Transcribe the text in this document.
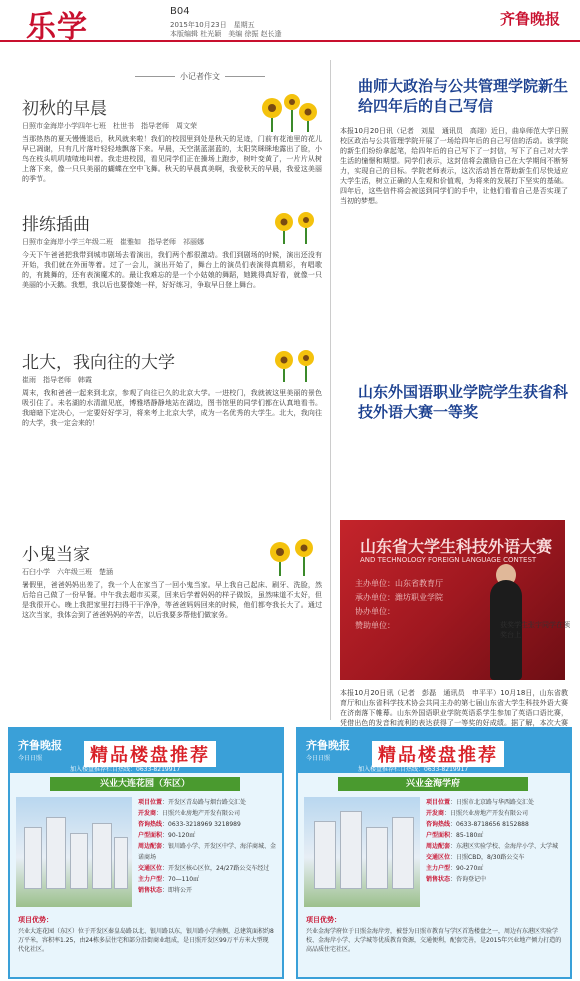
乐学	B04
2015年10月23日　星期五
本版编辑 杜光颖　美编 徐振 赵长逢
齐鲁晚报
小记者作文
初秋的早晨
日照市金海岸小学四年七班　杜世书　指导老师　周文荣
当那热热的夏天慢慢退后，秋风就来啦！我们的校园里到处是秋天的足迹，门前有花池里的花儿早已凋谢，只有几片落叶轻轻地飘落下来。早晨，天空湛蓝湛蓝的，太阳笑眯眯地露出了脸，小鸟在枝头叽叽喳喳地叫着。我走进校园，看见同学们正在操场上跑步，树叶变黄了，一片片从树上落下来，像一只只美丽的蝴蝶在空中飞舞。秋天的早晨真美啊，我爱秋天的早晨，我爱这美丽的季节。
排练插曲
日照市金海岸小学三年级二班　崔雅如　指导老师　祁丽娜
今天下午爸爸把我带到城市剧场去看演出，我们两个都很激动。我们到剧场的时候，演出还没有开始，我们就在外面等着。过了一会儿，演出开始了，舞台上的演员们表演得真精彩，有唱歌的，有跳舞的，还有表演魔术的。最让我难忘的是一个小姑娘的舞蹈，她跳得真好看，就像一只美丽的小天鹅。我想，我以后也要像她一样，好好练习，争取早日登上舞台。
北大，我向往的大学
崔雨　指导老师　韩霞
周末，我和爸爸一起来到北京，参观了向往已久的北京大学。一进校门，我就被这里美丽的景色吸引住了。未名湖的水清澈见底，博雅塔静静地站在湖边，图书馆里的同学们都在认真地看书。我暗暗下定决心，一定要好好学习，将来考上北京大学，成为一名优秀的大学生。北大，我向往的大学，我一定会来的！
小鬼当家
石臼小学　六年级三班　楚涵
暑假里，爸爸妈妈出差了，我一个人在家当了一回小鬼当家。早上我自己起床、刷牙、洗脸，然后给自己做了一份早餐。中午我去超市买菜，回来后学着妈妈的样子做饭，虽然味道不太好，但是我很开心。晚上我把家里打扫得干干净净，等爸爸妈妈回来的时候，他们都夸我长大了。通过这次当家，我体会到了爸爸妈妈的辛苦，以后我要多帮他们做家务。
曲师大政治与公共管理学院新生给四年后的自己写信
本报10月20日讯（记者　刘星　通讯员　高翊）近日，曲阜师范大学日照校区政治与公共管理学院开展了一场给四年后的自己写信的活动。该学院的新生们纷纷拿起笔，给四年后的自己写下了一封信，写下了自己对大学生活的憧憬和期望。同学们表示，这封信将会激励自己在大学期间不断努力，实现自己的目标。学院老师表示，这次活动旨在帮助新生们尽快适应大学生活，树立正确的人生观和价值观，为将来的发展打下坚实的基础。四年后，这些信件将会被送到同学们的手中，让他们看看自己是否实现了当初的梦想。
山东外国语职业学院学生获省科技外语大赛一等奖
山东省大学生科技外语大赛
AND TECHNOLOGY FOREIGN LANGUAGE CONTEST
主办单位：山东省教育厅
承办单位：潍坊职业学院
协办单位：
赞助单位：	获奖学生张宇同学在领奖台上
本报10月20日讯（记者　彭磊　通讯员　申平平）10月18日，山东省教育厅和山东省科学技术协会共同主办的第七届山东省大学生科技外语大赛在济南落下帷幕。山东外国语职业学院英语系学生参加了英语口语比赛，凭借出色的发音和流利的表达获得了一等奖的好成绩。据了解，本次大赛
齐鲁晚报
今日日照	精品楼盘推荐
加入楼盘推荐栏目热线：0633-8219917
兴业大连花园（东区）
项目位置：开发区青岛路与烟台路交汇处
开发商：日照兴业房地产开发有限公司
咨询热线：0633-3218969 3218989
户型面积：90-120㎡
周边配套：银川路小学、开发区中学、海洋商城、金诺商场
交通区位：开发区核心区位，24/27路公交车经过
主力户型：70—110㎡
销售状态：即将公开
项目优势：
兴业大连花园（东区）位于开发区秦皇岛路以北、银川路以东，银川路小学南侧，总建筑面积约8万平米，容积率1.25，由24栋多层住宅和部分沿街商业组成，是日照开发区99万平方米大型现代化社区。
齐鲁晚报
今日日照	精品楼盘推荐
加入楼盘推荐栏目热线：0633-8219917
兴业金海学府
项目位置：日照市北京路与华西路交汇处
开发商：日照兴业房地产开发有限公司
咨询热线：0633-8718656 8152888
户型面积：85-180㎡
周边配套：东港区实验学校、金海岸小学、大学城
交通区位：日照CBD，8/30路公交车
主力户型：90-270㎡
销售状态：咨询登记中
项目优势：
兴业金海学府位于日照金海岸旁，被誉为日照市教育与学区首选楼盘之一，周边有东港区实验学校、金海岸小学、大学城等优质教育资源，交通便利，配套完善，是2015年兴业地产倾力打造的高品质住宅社区。
